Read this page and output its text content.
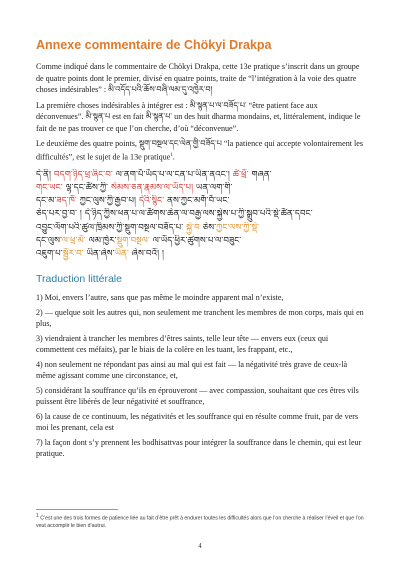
Annexe commentaire de Chökyi Drakpa

Comme indiqué dans le commentaire de Chökyi Drakpa, cette 13e pratique s’inscrit dans un groupe de quatre points dont le premier, divisé en quatre points, traite de “l’intégration à la voie des quatre choses indésirables” : མི་འདོད་པའི་ཆོས་བཞི་ལམ་དུ་འཁྱེར་བ།

La première choses indésirables à intégrer est : མི་སྙན་པ་ལ་བཟོད་པ་ “être patient face aux déconvenues”. མི་སྙན་པ est en fait མི་སྙན་པ་ un des huit dharma mondains, et, littéralement, indique le fait de ne pas trouver ce que l’on cherche, d’où “déconvenue”.

Le deuxième des quatre points, སྡུག་བསྔལ་དང་ལེན་གྱི་བཟོད་པ “la patience qui accepte volontairement les difficultés”, est le sujet de la 13e pratique$^1$.

དེ་ནི། བདག་ཉིད་ཕྲ་ཞིང་བ་ ལ་ནག་པོ་ཡོད་པ་ལ་ངན་པ་ཡིན་ནའང་། ཚེ་ཕྲོ་ གཞན་
གང་ཡང་ ལྷ་དང་ཚོས་ཀྱི་ སེམས་ཅན་རྣམས་ལ་ཡོད་པ། ཡན་ལག་གི་
དང་མ་ཟད་ཁོ་ ཀྱང་ལུས་ཀྱི་རྒྱབ་པ། དེའི་སྙིང་ ནས་ཀྱང་མགོ་བོ་ཡང་
ཅེད་པར་བྱ་བ་ ། དེ་ཉིད་ཀྱིས་ཕན་པ་ལ་ཚོགས་ཆེན་ལ་བརྒྱ་ལས་སྐྱེས་པ་ཀྱི་སྒྲུབ་པའི་སྡེ་ཚོན་དབང་
འབྱུང་ལོག་པའི་ཚུལ་ཁྲིམས་ཀྱི་སྡུག་བསྔལ་བཟོད་པ་ སྐྱེ་བ ཅེས་ཀྱང་ལས་ཀྱི་སྡེ་
དང་ལུས་ལ་ཕྲ་མོ་ ལམ་ཁྱེར་སྡུག་བསྔལ་ ལ་ཡོད་ཕྱིར་ཚུགས་པ་ལ་བཟུང་
འཇུག་པ་སྦྱོར་བ་ ཡིན་ཞེས་ཡིན་ ཞེས་བའོ། །
Traduction littérale

1) Moi, envers l’autre, sans que pas même le moindre apparent mal n’existe,

2) — quelque soit les autres qui, non seulement me tranchent les membres de mon corps, mais qui en plus,

3) viendraient à trancher les membres d’êtres saints, telle leur tête — envers eux (ceux qui commettent ces méfaits), par le biais de la colère en les tuant, les frappant, etc.,

4) non seulement ne répondant pas ainsi au mal qui est fait — la négativité très grave de ceux-là même agissant comme une circonstance, et,

5) considérant la souffrance qu’ils en éprouveront — avec compassion, souhaitant que ces êtres vils puissent être libérés de leur négativité et souffrance,

6) la cause de ce continuum, les négativités et les souffrance qui en résulte comme fruit, par de vers moi les prenant, cela est

7) la façon dont s’y prennent les bodhisattvas pour intégrer la souffrance dans le chemin, qui est leur pratique.

$^1$ C’est une des trois formes de patience liée au fait d’être prêt à endurer toutes les difficultés alors que l’on cherche à réaliser l’éveil et que l’on veut accomplir le bien d’autrui.
4
